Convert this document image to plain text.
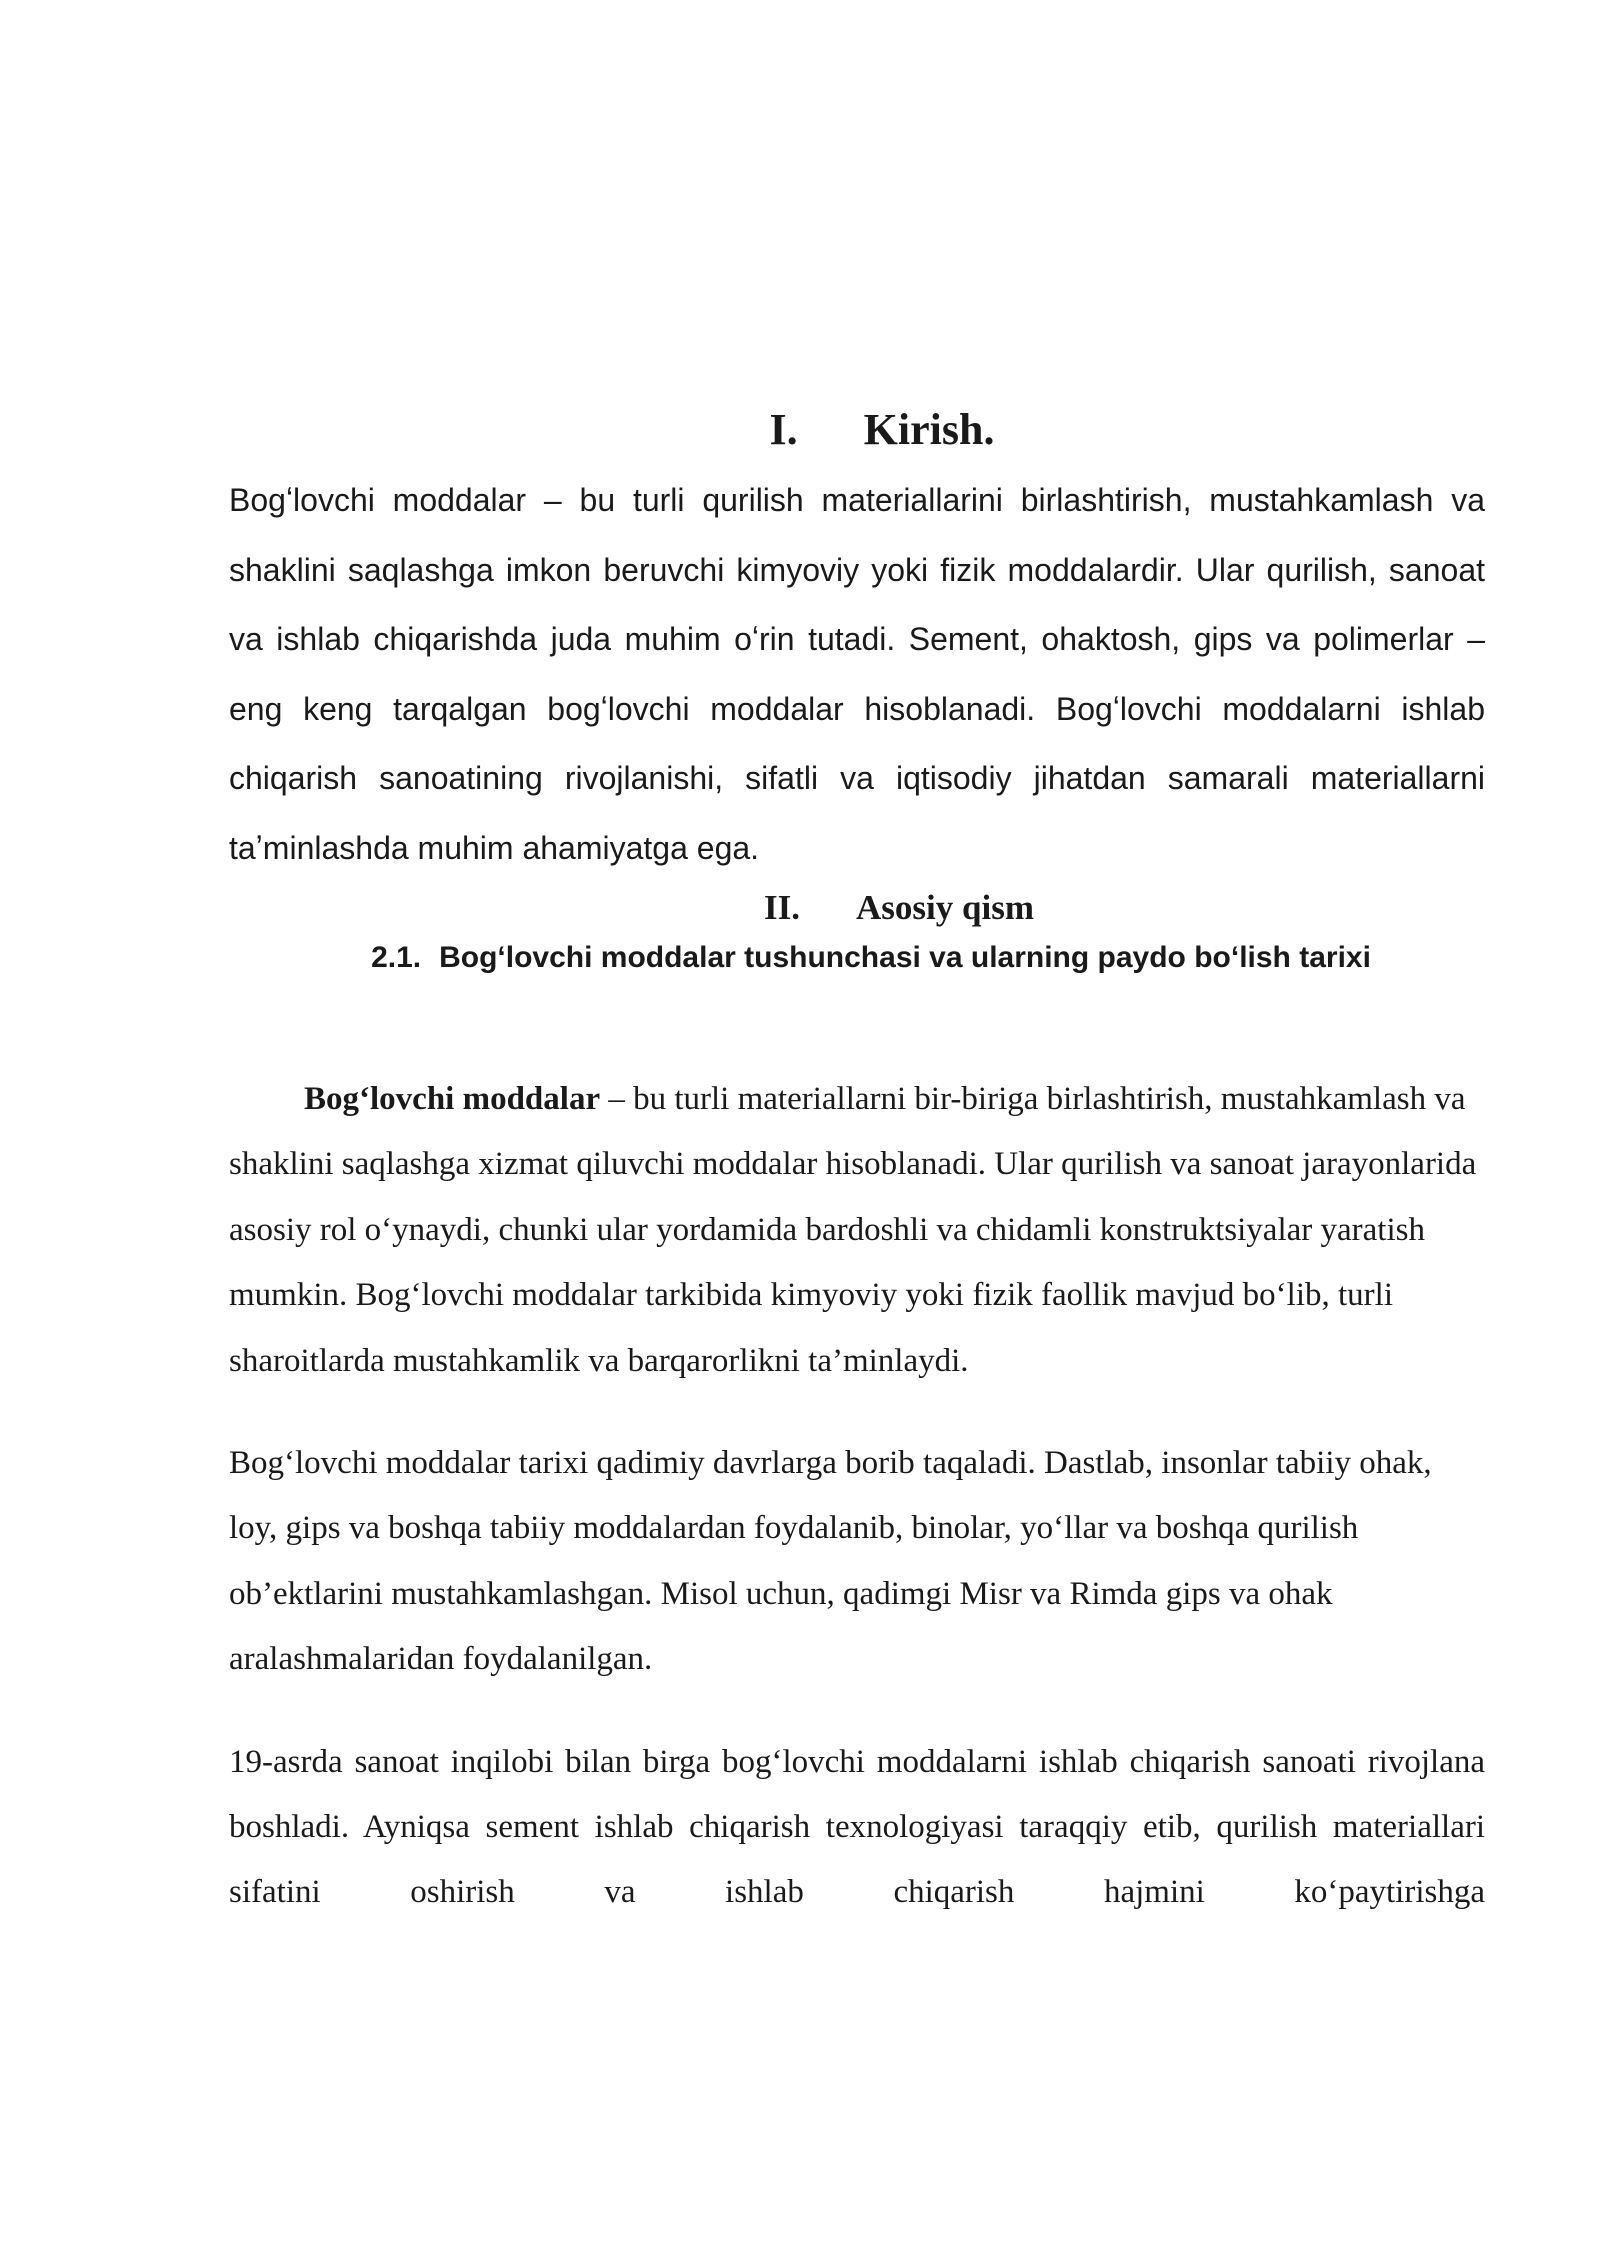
I. Kirish.

Bogʻlovchi moddalar – bu turli qurilish materiallarini birlashtirish, mustahkamlash va shaklini saqlashga imkon beruvchi kimyoviy yoki fizik moddalardir. Ular qurilish, sanoat va ishlab chiqarishda juda muhim oʻrin tutadi. Sement, ohaktosh, gips va polimerlar – eng keng tarqalgan bogʻlovchi moddalar hisoblanadi. Bogʻlovchi moddalarni ishlab chiqarish sanoatining rivojlanishi, sifatli va iqtisodiy jihatdan samarali materiallarni taʼminlashda muhim ahamiyatga ega.

II. Asosiy qism
2.1. Bogʻlovchi moddalar tushunchasi va ularning paydo boʻlish tarixi

Bog‘lovchi moddalar – bu turli materiallarni bir-biriga birlashtirish, mustahkamlash va shaklini saqlashga xizmat qiluvchi moddalar hisoblanadi. Ular qurilish va sanoat jarayonlarida asosiy rol o‘ynaydi, chunki ular yordamida bardoshli va chidamli konstruktsiyalar yaratish mumkin. Bog‘lovchi moddalar tarkibida kimyoviy yoki fizik faollik mavjud bo‘lib, turli sharoitlarda mustahkamlik va barqarorlikni ta’minlaydi.

Bog‘lovchi moddalar tarixi qadimiy davrlarga borib taqaladi. Dastlab, insonlar tabiiy ohak, loy, gips va boshqa tabiiy moddalardan foydalanib, binolar, yo‘llar va boshqa qurilish ob’ektlarini mustahkamlashgan. Misol uchun, qadimgi Misr va Rimda gips va ohak aralashmalaridan foydalanilgan.

19-asrda sanoat inqilobi bilan birga bog‘lovchi moddalarni ishlab chiqarish sanoati rivojlana boshladi. Ayniqsa sement ishlab chiqarish texnologiyasi taraqqiy etib, qurilish materiallari sifatini oshirish va ishlab chiqarish hajmini ko‘paytirishga
